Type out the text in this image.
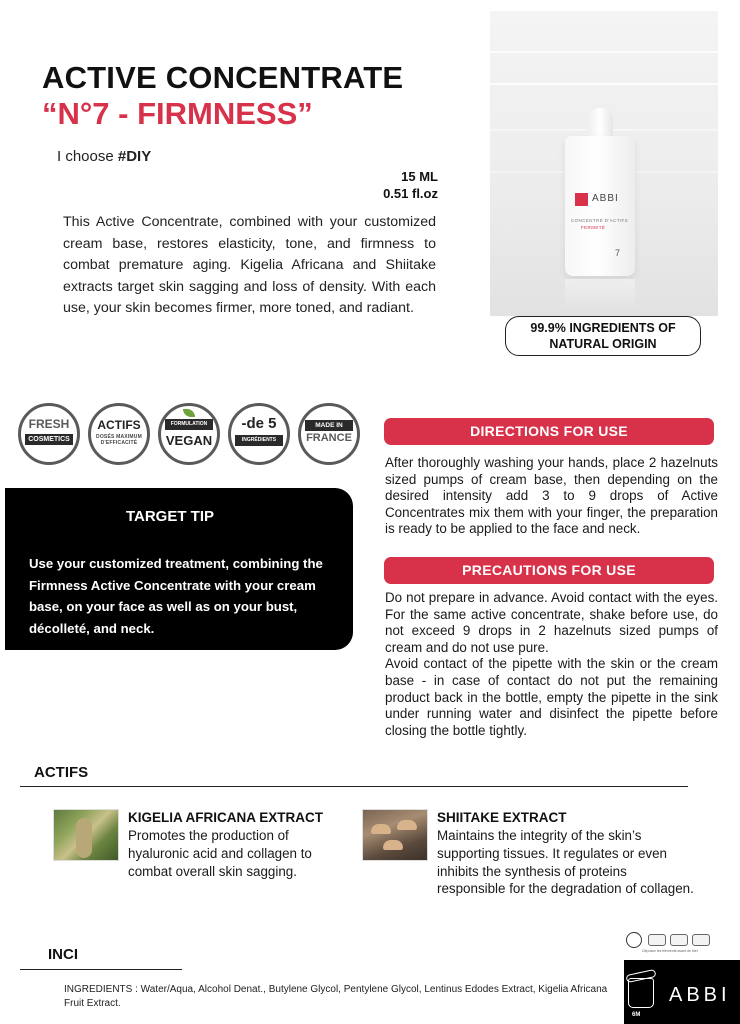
ACTIVE CONCENTRATE
“N°7 - FIRMNESS”
I choose #DIY
15 ML
0.51 fl.oz
This Active Concentrate, combined with your customized cream base, restores elasticity, tone, and firmness to combat premature aging. Kigelia Africana and Shiitake extracts target skin sagging and loss of density. With each use, your skin becomes firmer, more toned, and radiant.
ABBI
CONCENTRÉ D'ACTIFS
FERMETÉ
7
99.9% INGREDIENTS OF
NATURAL ORIGIN
FRESH
COSMETICS
ACTIFS
DOSÉS MAXIMUM D'EFFICACITÉ
FORMULATION
VEGAN
-de 5
INGRÉDIENTS
MADE IN
FRANCE
TARGET TIP
Use your customized treatment, combining the Firmness Active Concentrate with your cream base, on your face as well as on your bust, décolleté, and neck.
DIRECTIONS FOR USE

After thoroughly washing your hands, place 2 hazelnuts sized pumps of cream base, then depending on the desired intensity add 3 to 9 drops of Active Concentrates mix them with your finger, the preparation is ready to be applied to the face and neck.

PRECAUTIONS FOR USE

Do not prepare in advance. Avoid contact with the eyes. For the same active concentrate, shake before use, do not exceed 9 drops in 2 hazelnuts sized pumps of cream and do not use pure.

Avoid contact of the pipette with the skin or the cream base - in case of contact do not put the remaining product back in the bottle, empty the pipette in the sink under running water and disinfect the pipette before closing the bottle tightly.

ACTIFS
KIGELIA AFRICANA EXTRACT
Promotes the production of hyaluronic acid and collagen to combat overall skin sagging.
SHIITAKE EXTRACT
Maintains the integrity of the skin’s supporting tissues. It regulates or even inhibits the synthesis of proteins responsible for the degradation of collagen.
INCI
INGREDIENTS : Water/Aqua, Alcohol Denat., Butylene Glycol, Pentylene Glycol, Lentinus Edodes Extract, Kigelia Africana Fruit Extract.
Déposez les éléments avant de trier
6M
ABBI
